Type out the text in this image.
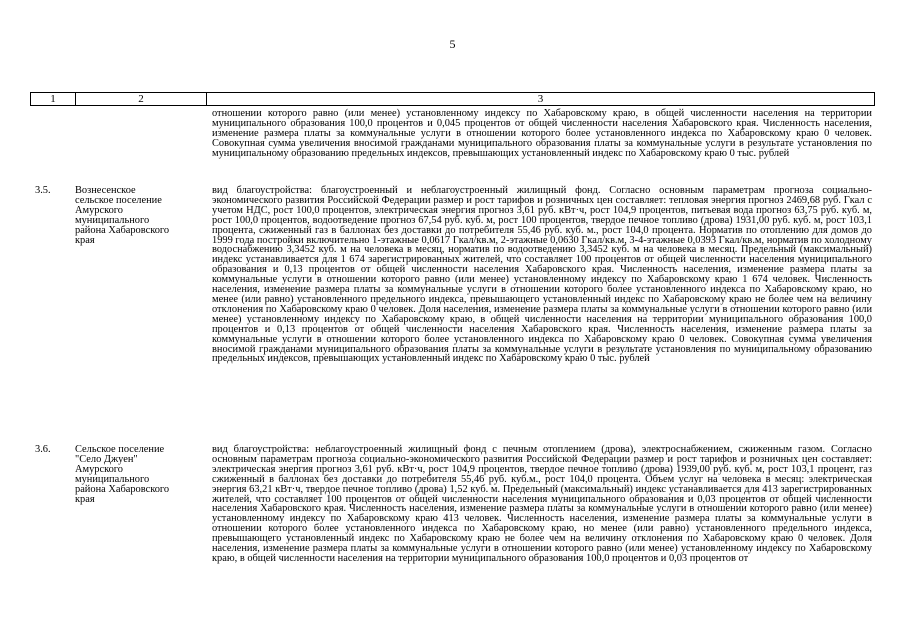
5
1	2	3

отношении которого равно (или менее) установленному индексу по Хабаровскому краю, в общей численности населения на территории муниципального образования 100,0 процентов и 0,045 процентов от общей численности населения Хабаровского края. Численность населения, изменение размера платы за коммунальные услуги в отношении которого более установленного индекса по Хабаровскому краю 0 человек. Совокупная сумма увеличения вносимой гражданами муниципального образования платы за коммунальные услуги в результате установления по муниципальному образованию предельных индексов, превышающих установленный индекс по Хабаровскому краю 0 тыс. рублей

3.5. Вознесенское
сельское поселение
Амурского
муниципального
района Хабаровского
края

вид благоустройства: благоустроенный и неблагоустроенный жилищный фонд. Согласно основным параметрам прогноза социально-экономического развития Российской Федерации размер и рост тарифов и розничных цен составляет: тепловая энергия прогноз 2469,68 руб. Гкал с учетом НДС, рост 100,0 процентов, электрическая энергия прогноз 3,61 руб. кВт·ч, рост 104,9 процентов, питьевая вода прогноз 63,75 руб. куб. м, рост 100,0 процентов, водоотведение прогноз 67,54 руб. куб. м, рост 100 процентов, твердое печное топливо (дрова) 1931,00 руб. куб. м, рост 103,1 процента, сжиженный газ в баллонах без доставки до потребителя 55,46 руб. куб. м., рост 104,0 процента. Норматив по отоплению для домов до 1999 года постройки включительно 1-этажные 0,0617 Гкал/кв.м, 2-этажные 0,0630 Гкал/кв.м, 3-4-этажные 0,0393 Гкал/кв.м, норматив по холодному водоснабжению 3,3452 куб. м на человека в месяц, норматив по водоотведению 3,3452 куб. м на человека в месяц. Предельный (максимальный) индекс устанавливается для 1 674 зарегистрированных жителей, что составляет 100 процентов от общей численности населения муниципального образования и 0,13 процентов от общей численности населения Хабаровского края. Численность населения, изменение размера платы за коммунальные услуги в отношении которого равно (или менее) установленному индексу по Хабаровскому краю 1 674 человек. Численность населения, изменение размера платы за коммунальные услуги в отношении которого более установленного индекса по Хабаровскому краю, но менее (или равно) установленного предельного индекса, превышающего установленный индекс по Хабаровскому краю не более чем на величину отклонения по Хабаровскому краю 0 человек. Доля населения, изменение размера платы за коммунальные услуги в отношении которого равно (или менее) установленному индексу по Хабаровскому краю, в общей численности населения на территории муниципального образования 100,0 процентов и 0,13 процентов от общей численности населения Хабаровского края. Численность населения, изменение размера платы за коммунальные услуги в отношении которого более установленного индекса по Хабаровскому краю 0 человек. Совокупная сумма увеличения вносимой гражданами муниципального образования платы за коммунальные услуги в результате установления по муниципальному образованию предельных индексов, превышающих установленный индекс по Хабаровскому краю 0 тыс. рублей

3.6. Сельское поселение
"Село Джуен"
Амурского
муниципального
района Хабаровского
края

вид благоустройства: неблагоустроенный жилищный фонд с печным отоплением (дрова), электроснабжением, сжиженным газом. Согласно основным параметрам прогноза социально-экономического развития Российской Федерации размер и рост тарифов и розничных цен составляет: электрическая энергия прогноз 3,61 руб. кВт·ч, рост 104,9 процентов, твердое печное топливо (дрова) 1939,00 руб. куб. м, рост 103,1 процент, газ сжиженный в баллонах без доставки до потребителя 55,46 руб. куб.м., рост 104,0 процента. Объем услуг на человека в месяц: электрическая энергия 63,21 кВт·ч, твердое печное топливо (дрова) 1,52 куб. м. Предельный (максимальный) индекс устанавливается для 413 зарегистрированных жителей, что составляет 100 процентов от общей численности населения муниципального образования и 0,03 процентов от общей численности населения Хабаровского края. Численность населения, изменение размера платы за коммунальные услуги в отношении которого равно (или менее) установленному индексу по Хабаровскому краю 413 человек. Численность населения, изменение размера платы за коммунальные услуги в отношении которого более установленного индекса по Хабаровскому краю, но менее (или равно) установленного предельного индекса, превышающего установленный индекс по Хабаровскому краю не более чем на величину отклонения по Хабаровскому краю 0 человек. Доля населения, изменение размера платы за коммунальные услуги в отношении которого равно (или менее) установленному индексу по Хабаровскому краю, в общей численности населения на территории муниципального образования 100,0 процентов и 0,03 процентов от
